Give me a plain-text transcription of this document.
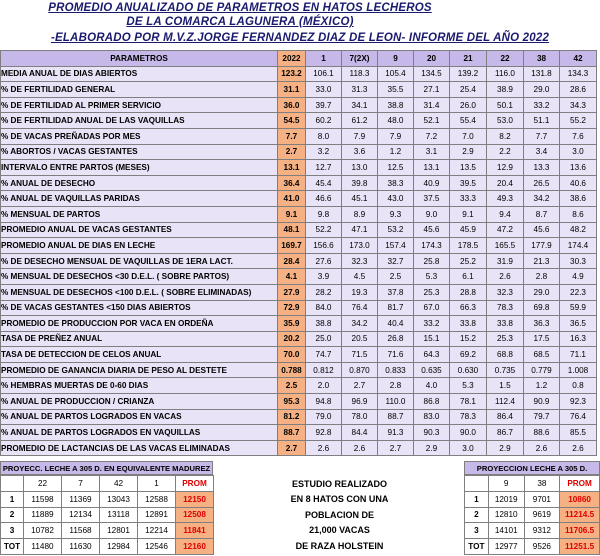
PROMEDIO ANUALIZADO DE PARAMETROS EN HATOS LECHEROS
DE LA COMARCA LAGUNERA (MÉXICO)
-ELABORADO POR M.V.Z.JORGE FERNANDEZ DIAZ DE LEON- INFORME DEL AÑO 2022
PARAMETROS	2022	1	7(2X)	9	20	21	22	38	42
MEDIA ANUAL DE DIAS ABIERTOS	123.2	106.1	118.3	105.4	134.5	139.2	116.0	131.8	134.3
% DE FERTILIDAD GENERAL	31.1	33.0	31.3	35.5	27.1	25.4	38.9	29.0	28.6
% DE FERTILIDAD AL PRIMER SERVICIO	36.0	39.7	34.1	38.8	31.4	26.0	50.1	33.2	34.3
% DE FERTILIDAD ANUAL DE LAS VAQUILLAS	54.5	60.2	61.2	48.0	52.1	55.4	53.0	51.1	55.2
% DE VACAS PREÑADAS POR MES	7.7	8.0	7.9	7.9	7.2	7.0	8.2	7.7	7.6
% ABORTOS / VACAS GESTANTES	2.7	3.2	3.6	1.2	3.1	2.9	2.2	3.4	3.0
INTERVALO ENTRE PARTOS (MESES)	13.1	12.7	13.0	12.5	13.1	13.5	12.9	13.3	13.6
% ANUAL DE DESECHO	36.4	45.4	39.8	38.3	40.9	39.5	20.4	26.5	40.6
% ANUAL DE VAQUILLAS PARIDAS	41.0	46.6	45.1	43.0	37.5	33.3	49.3	34.2	38.6
% MENSUAL DE PARTOS	9.1	9.8	8.9	9.3	9.0	9.1	9.4	8.7	8.6
PROMEDIO ANUAL DE VACAS GESTANTES	48.1	52.2	47.1	53.2	45.6	45.9	47.2	45.6	48.2
PROMEDIO ANUAL DE DIAS EN LECHE	169.7	156.6	173.0	157.4	174.3	178.5	165.5	177.9	174.4
% DE DESECHO MENSUAL DE VAQUILLAS DE 1ERA LACT.	28.4	27.6	32.3	32.7	25.8	25.2	31.9	21.3	30.3
% MENSUAL DE DESECHOS <30 D.E.L. ( SOBRE PARTOS)	4.1	3.9	4.5	2.5	5.3	6.1	2.6	2.8	4.9
% MENSUAL DE DESECHOS <100 D.E.L. ( SOBRE ELIMINADAS)	27.9	28.2	19.3	37.8	25.3	28.8	32.3	29.0	22.3
% DE VACAS GESTANTES <150 DIAS ABIERTOS	72.9	84.0	76.4	81.7	67.0	66.3	78.3	69.8	59.9
PROMEDIO DE PRODUCCION POR VACA EN ORDEÑA	35.9	38.8	34.2	40.4	33.2	33.8	33.8	36.3	36.5
TASA DE PREÑEZ ANUAL	20.2	25.0	20.5	26.8	15.1	15.2	25.3	17.5	16.3
TASA DE DETECCION DE CELOS ANUAL	70.0	74.7	71.5	71.6	64.3	69.2	68.8	68.5	71.1
PROMEDIO DE GANANCIA DIARIA DE PESO AL DESTETE	0.788	0.812	0.870	0.833	0.635	0.630	0.735	0.779	1.008
% HEMBRAS MUERTAS DE 0-60 DIAS	2.5	2.0	2.7	2.8	4.0	5.3	1.5	1.2	0.8
% ANUAL DE PRODUCCION / CRIANZA	95.3	94.8	96.9	110.0	86.8	78.1	112.4	90.9	92.3
% ANUAL DE PARTOS LOGRADOS EN VACAS	81.2	79.0	78.0	88.7	83.0	78.3	86.4	79.7	76.4
% ANUAL DE PARTOS LOGRADOS EN VAQUILLAS	88.7	92.8	84.4	91.3	90.3	90.0	86.7	88.6	85.5
PROMEDIO DE LACTANCIAS DE LAS VACAS ELIMINADAS	2.7	2.6	2.6	2.7	2.9	3.0	2.9	2.6	2.6
PROYECC. LECHE A 305 D. EN EQUIVALENTE MADUREZ
	22	7	42	1	PROM
1	11598	11369	13043	12588	12150
2	11889	12134	13118	12891	12508
3	10782	11568	12801	12214	11841
TOT	11480	11630	12984	12546	12160
ESTUDIO REALIZADO
EN 8 HATOS CON UNA
POBLACION DE
21,000 VACAS
DE RAZA HOLSTEIN
PROYECCION LECHE A 305 D.
	9	38	PROM
1	12019	9701	10860
2	12810	9619	11214.5
3	14101	9312	11706.5
TOT	12977	9526	11251.5
